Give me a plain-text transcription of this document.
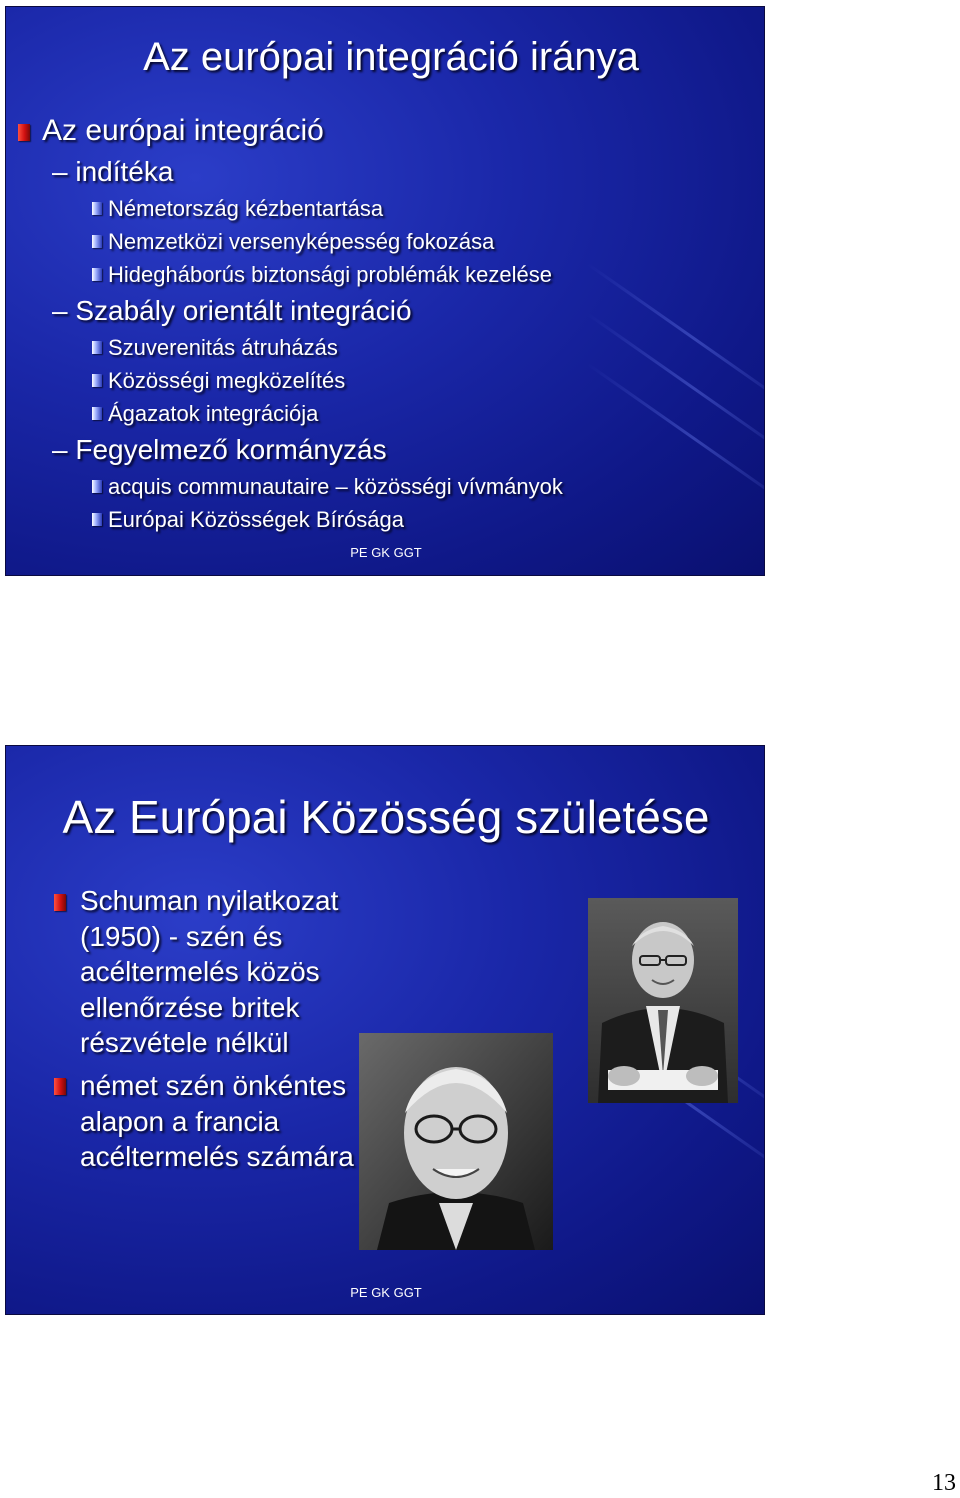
Az európai integráció iránya
Az európai integráció
– indítéka
Németország kézbentartása
Nemzetközi versenyképesség fokozása
Hidegháborús biztonsági problémák kezelése
– Szabály orientált integráció
Szuverenitás átruházás
Közösségi megközelítés
Ágazatok integrációja
– Fegyelmező kormányzás
acquis communautaire – közösségi vívmányok
Európai Közösségek Bírósága
PE GK GGT
Az Európai Közösség születése
Schuman nyilatkozat
(1950) - szén és
acéltermelés közös
ellenőrzése britek
részvétele nélkül
német szén önkéntes
alapon a francia
acéltermelés számára
PE GK GGT
13
